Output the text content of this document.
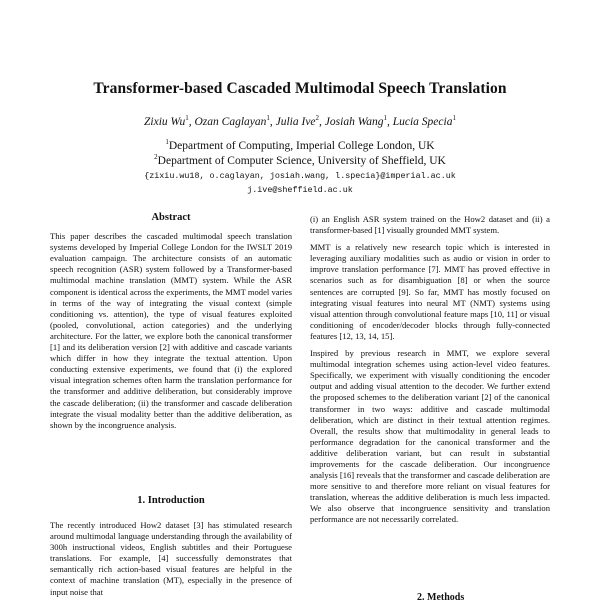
Transformer-based Cascaded Multimodal Speech Translation
Zixiu Wu$^1$, Ozan Caglayan$^1$, Julia Ive$^2$, Josiah Wang$^1$, Lucia Specia$^1$
$^1$Department of Computing, Imperial College London, UK
$^2$Department of Computer Science, University of Sheffield, UK
{zixiu.wu18, o.caglayan, josiah.wang, l.specia}@imperial.ac.uk
j.ive@sheffield.ac.uk
Abstract

This paper describes the cascaded multimodal speech translation systems developed by Imperial College London for the IWSLT 2019 evaluation campaign. The architecture consists of an automatic speech recognition (ASR) system followed by a Transformer-based multimodal machine translation (MMT) system. While the ASR component is identical across the experiments, the MMT model varies in terms of the way of integrating the visual context (simple conditioning vs. attention), the type of visual features exploited (pooled, convolutional, action categories) and the underlying architecture. For the latter, we explore both the canonical transformer [1] and its deliberation version [2] with additive and cascade variants which differ in how they integrate the textual attention. Upon conducting extensive experiments, we found that (i) the explored visual integration schemes often harm the translation performance for the transformer and additive deliberation, but considerably improve the cascade deliberation; (ii) the transformer and cascade deliberation integrate the visual modality better than the additive deliberation, as shown by the incongruence analysis.

1. Introduction

The recently introduced How2 dataset [3] has stimulated research around multimodal language understanding through the availability of 300h instructional videos, English subtitles and their Portuguese translations. For example, [4] successfully demonstrates that semantically rich action-based visual features are helpful in the context of machine translation (MT), especially in the presence of input noise that

(i) an English ASR system trained on the How2 dataset and (ii) a transformer-based [1] visually grounded MMT system.

MMT is a relatively new research topic which is interested in leveraging auxiliary modalities such as audio or vision in order to improve translation performance [7]. MMT has proved effective in scenarios such as for disambiguation [8] or when the source sentences are corrupted [9]. So far, MMT has mostly focused on integrating visual features into neural MT (NMT) systems using visual attention through convolutional feature maps [10, 11] or visual conditioning of encoder/decoder blocks through fully-connected features [12, 13, 14, 15].

Inspired by previous research in MMT, we explore several multimodal integration schemes using action-level video features. Specifically, we experiment with visually conditioning the encoder output and adding visual attention to the decoder. We further extend the proposed schemes to the deliberation variant [2] of the canonical transformer in two ways: additive and cascade multimodal deliberation, which are distinct in their textual attention regimes. Overall, the results show that multimodality in general leads to performance degradation for the canonical transformer and the additive deliberation variant, but can result in substantial improvements for the cascade deliberation. Our incongruence analysis [16] reveals that the transformer and cascade deliberation are more sensitive to and therefore more reliant on visual features for translation, whereas the additive deliberation is much less impacted. We also observe that incongruence sensitivity and translation performance are not necessarily correlated.

2. Methods
